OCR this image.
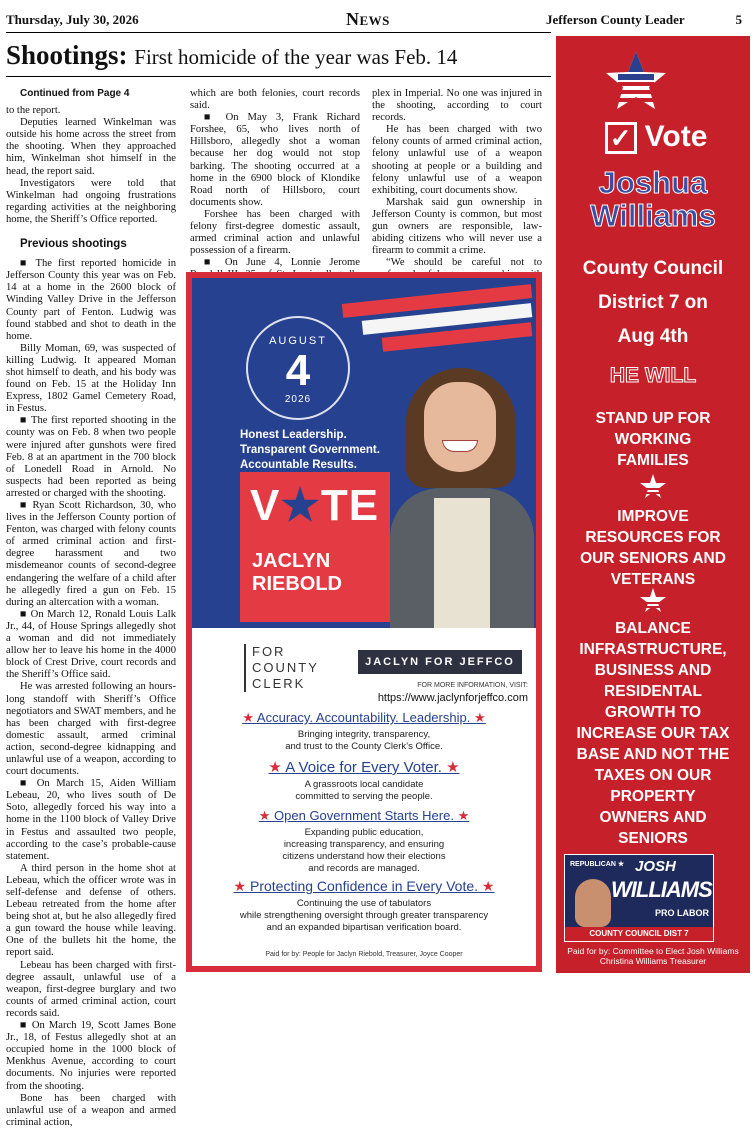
Thursday, July 30, 2026	News	Jefferson County Leader	5
Shootings: First homicide of the year was Feb. 14

Continued from Page 4

to the report.

Deputies learned Winkelman was outside his home across the street from the shooting. When they approached him, Winkelman shot himself in the head, the report said.

Investigators were told that Winkelman had ongoing frustrations regarding activities at the neighboring home, the Sheriff’s Office reported.

Previous shootings

■ The first reported homicide in Jefferson County this year was on Feb. 14 at a home in the 2600 block of Winding Valley Drive in the Jefferson County part of Fenton. Ludwig was found stabbed and shot to death in the home.

Billy Moman, 69, was suspected of killing Ludwig. It appeared Moman shot himself to death, and his body was found on Feb. 15 at the Holiday Inn Express, 1802 Gamel Cemetery Road, in Festus.

■ The first reported shooting in the county was on Feb. 8 when two people were injured after gunshots were fired Feb. 8 at an apartment in the 700 block of Lonedell Road in Arnold. No suspects had been reported as being arrested or charged with the shooting.

■ Ryan Scott Richardson, 30, who lives in the Jefferson County portion of Fenton, was charged with felony counts of armed criminal action and first-degree harassment and two misdemeanor counts of second-degree endangering the welfare of a child after he allegedly fired a gun on Feb. 15 during an altercation with a woman.

■ On March 12, Ronald Louis Lalk Jr., 44, of House Springs allegedly shot a woman and did not immediately allow her to leave his home in the 4000 block of Crest Drive, court records and the Sheriff’s Office said.

He was arrested following an hours-long standoff with Sheriff’s Office negotiators and SWAT members, and he has been charged with first-degree domestic assault, armed criminal action, second-degree kidnapping and unlawful use of a weapon, according to court documents.

■ On March 15, Aiden William Lebeau, 20, who lives south of De Soto, allegedly forced his way into a home in the 1100 block of Valley Drive in Festus and assaulted two people, according to the case’s probable-cause statement.

A third person in the home shot at Lebeau, which the officer wrote was in self-defense and defense of others. Lebeau retreated from the home after being shot at, but he also allegedly fired a gun toward the house while leaving. One of the bullets hit the home, the report said.

Lebeau has been charged with first-degree assault, unlawful use of a weapon, first-degree burglary and two counts of armed criminal action, court records said.

■ On March 19, Scott James Bone Jr., 18, of Festus allegedly shot at an occupied home in the 1000 block of Menkhus Avenue, according to court documents. No injuries were reported from the shooting.

Bone has been charged with unlawful use of a weapon and armed criminal action,

which are both felonies, court records said.

■ On May 3, Frank Richard Forshee, 65, who lives north of Hillsboro, allegedly shot a woman because her dog would not stop barking. The shooting occurred at a home in the 6900 block of Klondike Road north of Hillsboro, court documents show.

Forshee has been charged with felony first-degree domestic assault, armed criminal action and unlawful possession of a firearm.

■ On June 4, Lonnie Jerome

plex in Imperial. No one was injured in the shooting, according to court records.

He has been charged with two felony counts of armed criminal action, felony unlawful use of a weapon shooting at people or a building and felony unlawful use of a weapon exhibiting, court documents show.

Marshak said gun ownership in Jefferson County is common, but most gun owners are responsible, law-abiding citizens who will never use a firearm to commit a crime.

“We should be careful not to

AUGUST
4
2026
Honest Leadership.
Transparent Government.
Accountable Results.
V★TE
JACLYN
RIEBOLD
FOR
COUNTY
CLERK
JACLYN FOR JEFFCO
FOR MORE INFORMATION, VISIT:
https://www.jaclynforjeffco.com
★ Accuracy. Accountability. Leadership. ★
Bringing integrity, transparency,
and trust to the County Clerk’s Office.
★ A Voice for Every Voter. ★
A grassroots local candidate
committed to serving the people.
★ Open Government Starts Here. ★
Expanding public education,
increasing transparency, and ensuring
citizens understand how their elections
and records are managed.
★ Protecting Confidence in Every Vote. ★
Continuing the use of tabulators
while strengthening oversight through greater transparency
and an expanded bipartisan verification board.
Paid for by: People for Jaclyn Riebold, Treasurer, Joyce Cooper
✓ Vote
Joshua
Williams
County Council
District 7 on
Aug 4th
HE WILL
STAND UP FOR
WORKING
FAMILIES
IMPROVE
RESOURCES FOR
OUR SENIORS AND
VETERANS
BALANCE
INFRASTRUCTURE,
BUSINESS AND
RESIDENTAL
GROWTH TO
INCREASE OUR TAX
BASE AND NOT THE
TAXES ON OUR
PROPERTY
OWNERS AND
SENIORS
REPUBLICAN ★ JOSH
WILLIAMS
PRO LABOR
COUNTY COUNCIL DIST 7
Paid for by: Committee to Elect Josh Williams Christina Williams Treasurer
